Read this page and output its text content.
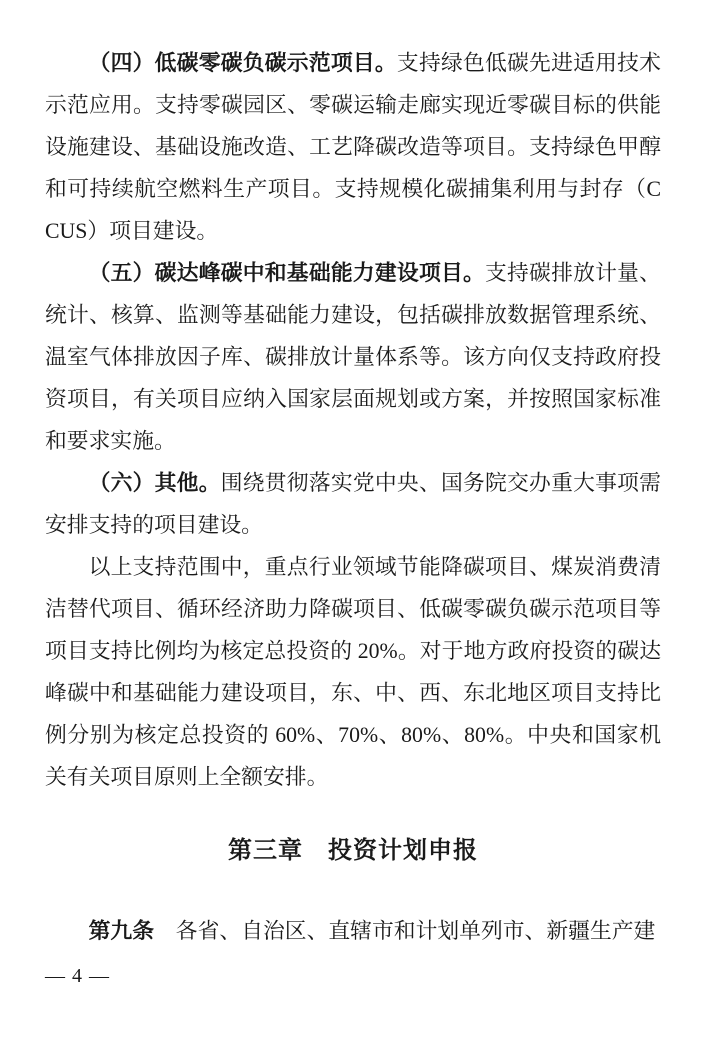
（四）低碳零碳负碳示范项目。支持绿色低碳先进适用技术示范应用。支持零碳园区、零碳运输走廊实现近零碳目标的供能设施建设、基础设施改造、工艺降碳改造等项目。支持绿色甲醇和可持续航空燃料生产项目。支持规模化碳捕集利用与封存（CCUS）项目建设。

（五）碳达峰碳中和基础能力建设项目。支持碳排放计量、统计、核算、监测等基础能力建设，包括碳排放数据管理系统、温室气体排放因子库、碳排放计量体系等。该方向仅支持政府投资项目，有关项目应纳入国家层面规划或方案，并按照国家标准和要求实施。

（六）其他。围绕贯彻落实党中央、国务院交办重大事项需安排支持的项目建设。

以上支持范围中，重点行业领域节能降碳项目、煤炭消费清洁替代项目、循环经济助力降碳项目、低碳零碳负碳示范项目等项目支持比例均为核定总投资的 20%。对于地方政府投资的碳达峰碳中和基础能力建设项目，东、中、西、东北地区项目支持比例分别为核定总投资的 60%、70%、80%、80%。中央和国家机关有关项目原则上全额安排。

第三章　投资计划申报

第九条　各省、自治区、直辖市和计划单列市、新疆生产建

— 4 —
